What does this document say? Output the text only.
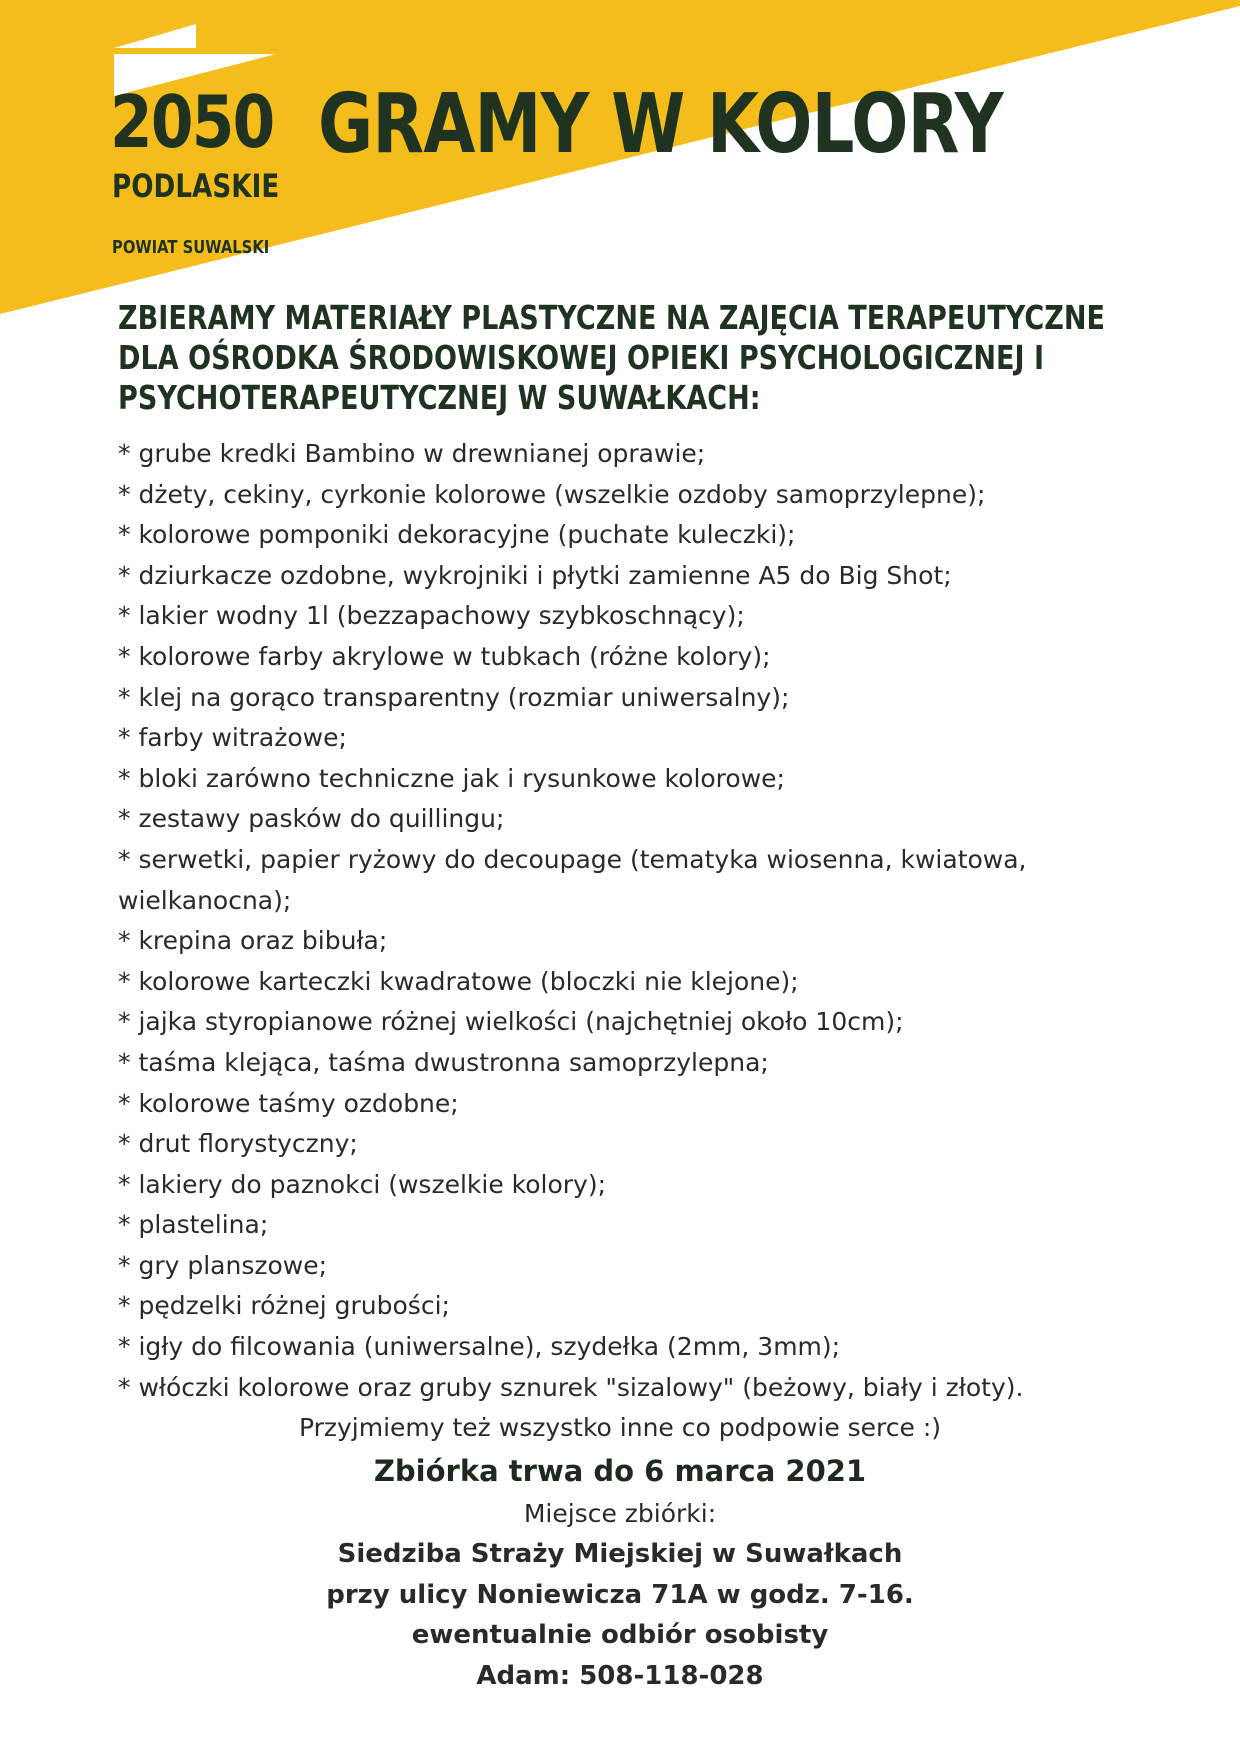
2050
PODLASKIE
POWIAT SUWALSKI
GRAMY W KOLORY
ZBIERAMY MATERIAŁY PLASTYCZNE NA ZAJĘCIA TERAPEUTYCZNE
DLA OŚRODKA ŚRODOWISKOWEJ OPIEKI PSYCHOLOGICZNEJ I
PSYCHOTERAPEUTYCZNEJ W SUWAŁKACH:
* grube kredki Bambino w drewnianej oprawie;
* dżety, cekiny, cyrkonie kolorowe (wszelkie ozdoby samoprzylepne);
* kolorowe pomponiki dekoracyjne (puchate kuleczki);
* dziurkacze ozdobne, wykrojniki i płytki zamienne A5 do Big Shot;
* lakier wodny 1l (bezzapachowy szybkoschnący);
* kolorowe farby akrylowe w tubkach (różne kolory);
* klej na gorąco transparentny (rozmiar uniwersalny);
* farby witrażowe;
* bloki zarówno techniczne jak i rysunkowe kolorowe;
* zestawy pasków do quillingu;
* serwetki, papier ryżowy do decoupage (tematyka wiosenna, kwiatowa, wielkanocna);
* krepina oraz bibuła;
* kolorowe karteczki kwadratowe (bloczki nie klejone);
* jajka styropianowe różnej wielkości (najchętniej około 10cm);
* taśma klejąca, taśma dwustronna samoprzylepna;
* kolorowe taśmy ozdobne;
* drut florystyczny;
* lakiery do paznokci (wszelkie kolory);
* plastelina;
* gry planszowe;
* pędzelki różnej grubości;
* igły do filcowania (uniwersalne), szydełka (2mm, 3mm);
* włóczki kolorowe oraz gruby sznurek "sizalowy" (beżowy, biały i złoty).
Przyjmiemy też wszystko inne co podpowie serce :)
Zbiórka trwa do 6 marca 2021
Miejsce zbiórki:
Siedziba Straży Miejskiej w Suwałkach
przy ulicy Noniewicza 71A w godz. 7-16.
ewentualnie odbiór osobisty
Adam: 508-118-028
